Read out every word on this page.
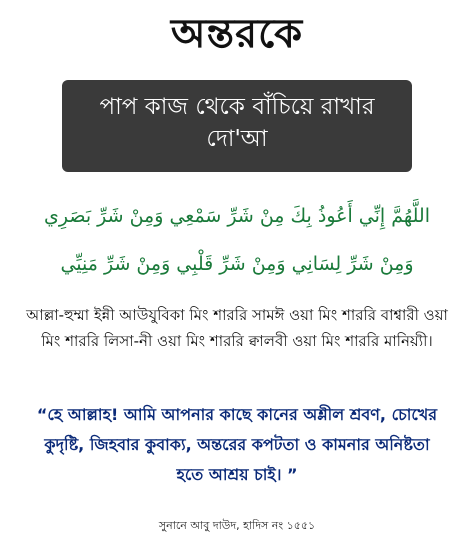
অন্তরকে
পাপ কাজ থেকে বাঁচিয়ে রাখার
দো'আ
اللَّهُمَّ إِنِّي أَعُوذُ بِكَ مِنْ شَرِّ سَمْعِي وَمِنْ شَرِّ بَصَرِي
وَمِنْ شَرِّ لِسَانِي وَمِنْ شَرِّ قَلْبِي وَمِنْ شَرِّ مَنِيِّي
আল্লা-হুম্মা ইন্নী আউযুবিকা মিং শাররি সামঈ ওয়া মিং শাররি বাশ্বারী ওয়া মিং শাররি লিসা-নী ওয়া মিং শাররি ক্বালবী ওয়া মিং শাররি মানিয়্যী।
“হে আল্লাহ! আমি আপনার কাছে কানের অশ্লীল শ্রবণ, চোখের কুদৃষ্টি, জিহবার কুবাক্য, অন্তরের কপটতা ও কামনার অনিষ্টতা হতে আশ্রয় চাই। ”
সুনানে আবু দাউদ, হাদিস নং ১৫৫১
